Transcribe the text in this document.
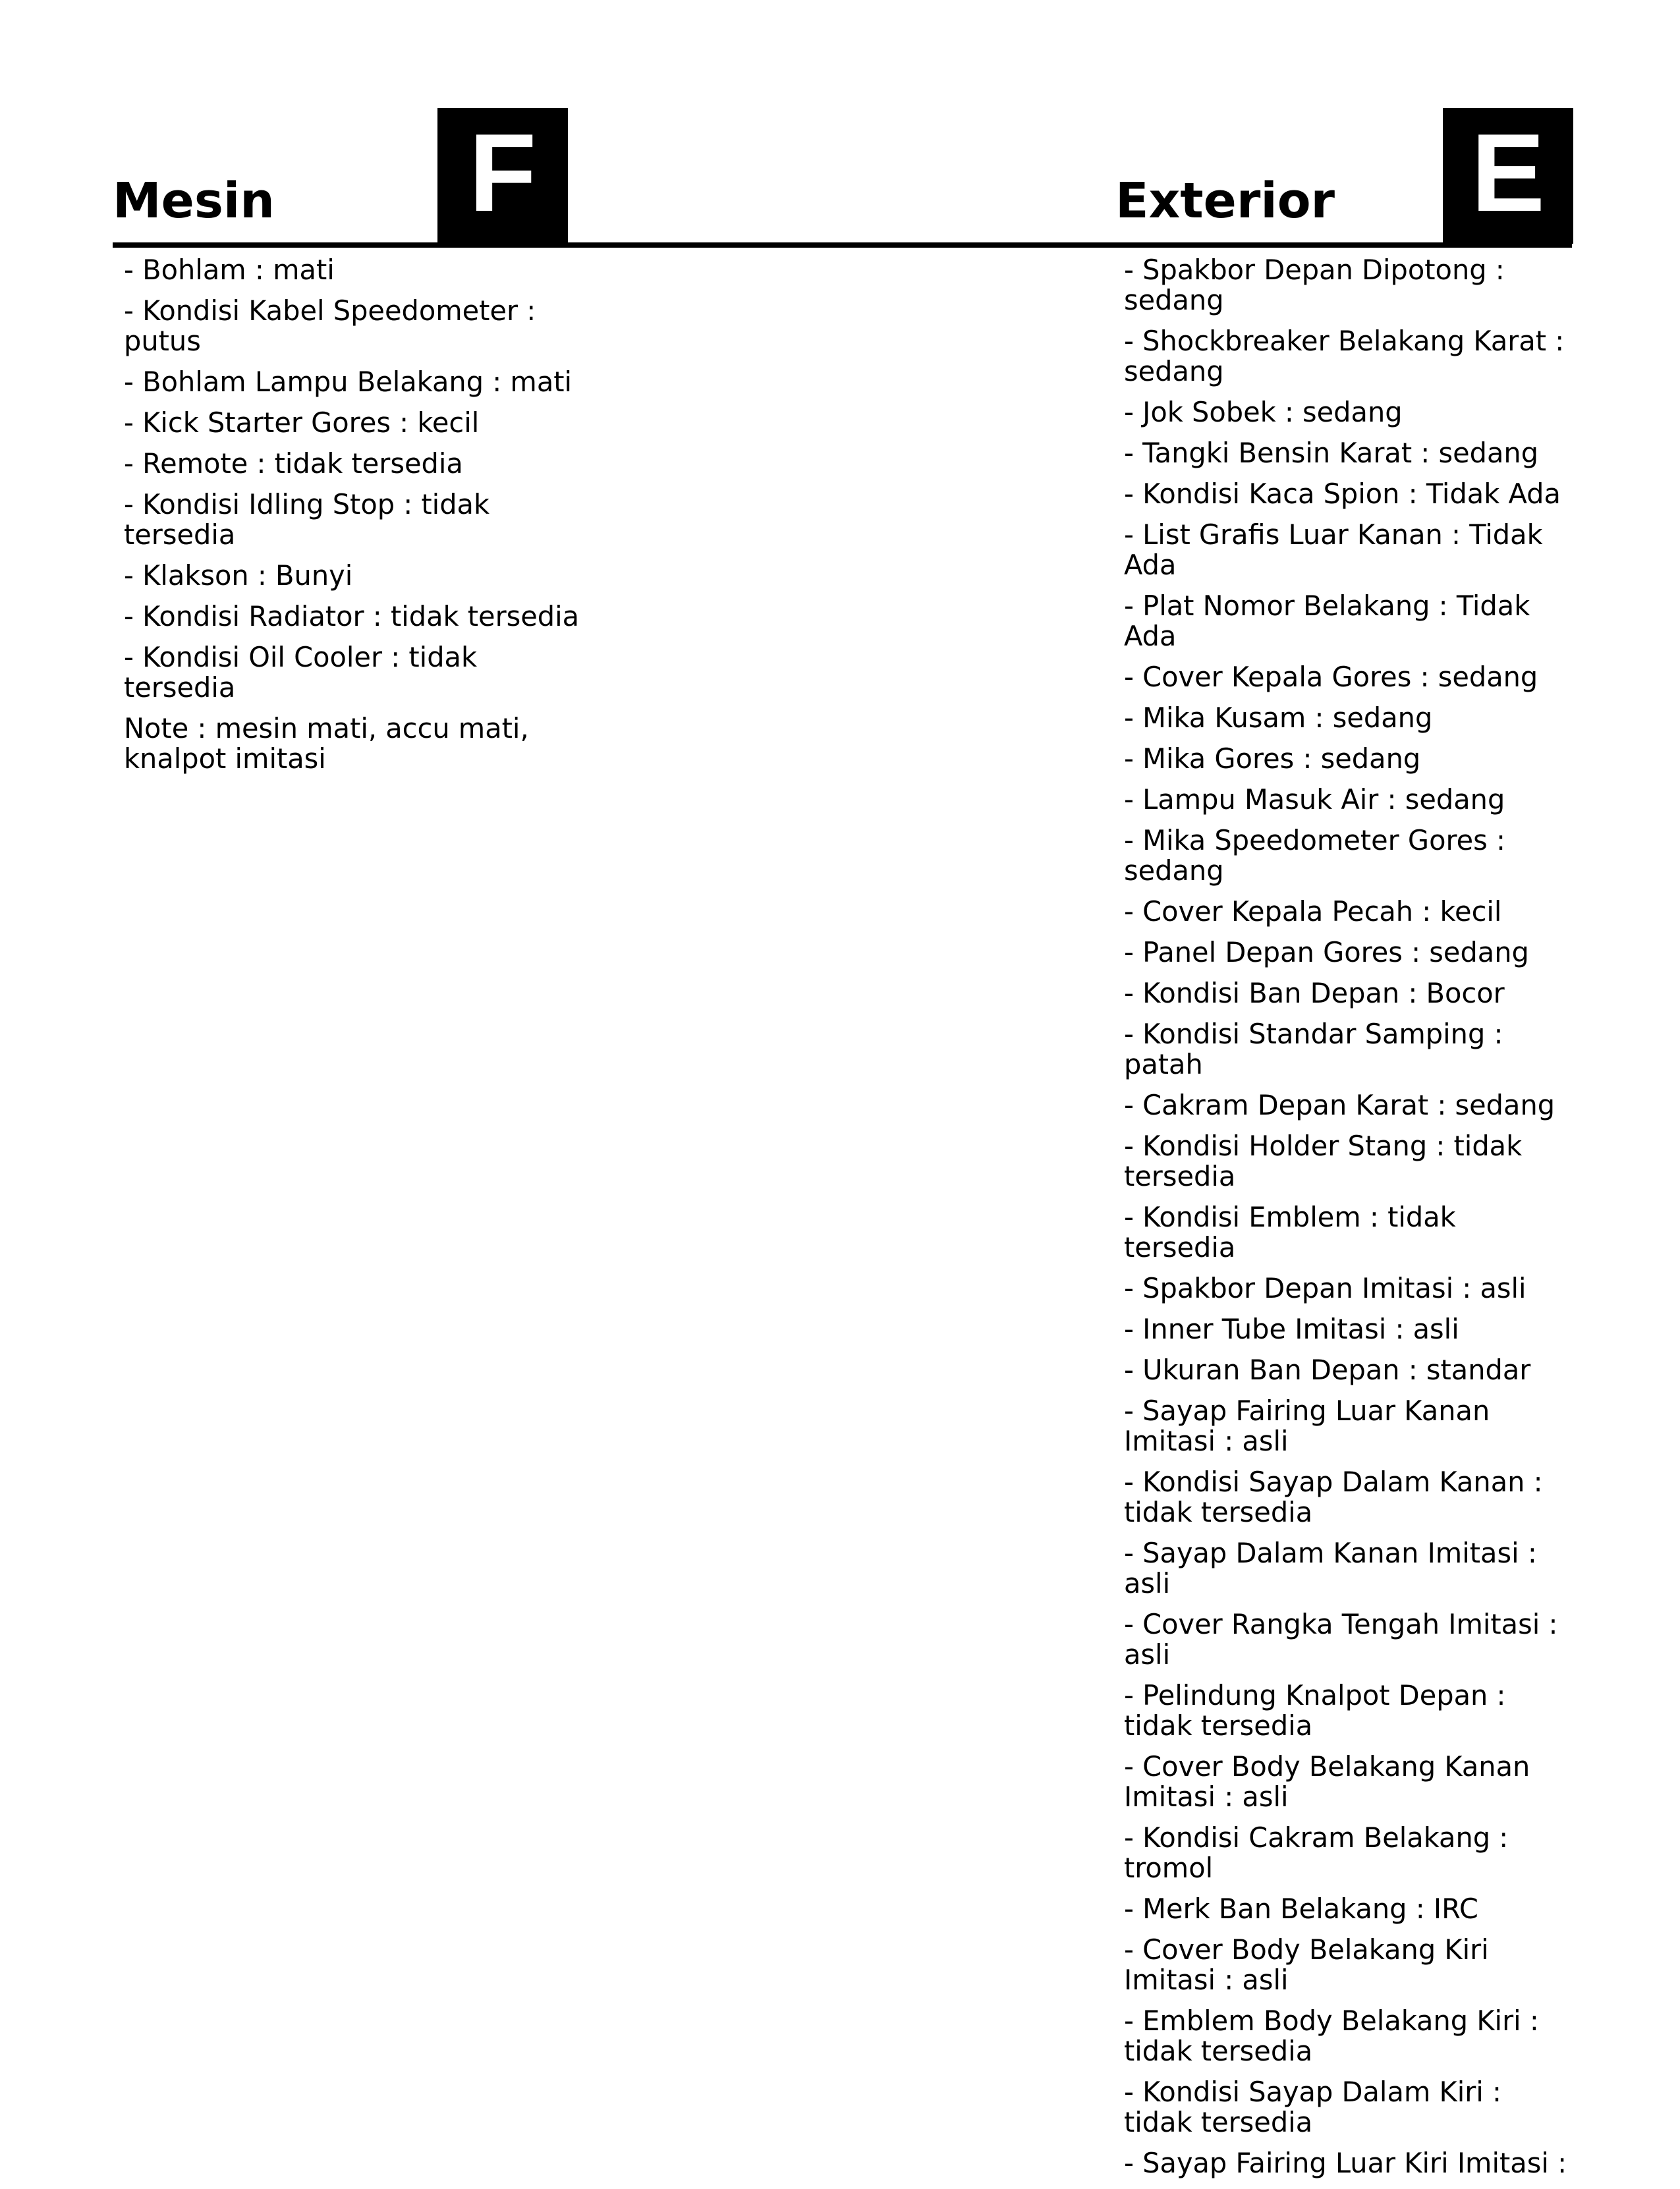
Mesin F	Exterior E
- Bohlam : mati
- Kondisi Kabel Speedometer : putus
- Bohlam Lampu Belakang : mati
- Kick Starter Gores : kecil
- Remote : tidak tersedia
- Kondisi Idling Stop : tidak tersedia
- Klakson : Bunyi
- Kondisi Radiator : tidak tersedia
- Kondisi Oil Cooler : tidak tersedia
Note : mesin mati, accu mati, knalpot imitasi
- Spakbor Depan Dipotong : sedang
- Shockbreaker Belakang Karat : sedang
- Jok Sobek : sedang
- Tangki Bensin Karat : sedang
- Kondisi Kaca Spion : Tidak Ada
- List Grafis Luar Kanan : Tidak Ada
- Plat Nomor Belakang : Tidak Ada
- Cover Kepala Gores : sedang
- Mika Kusam : sedang
- Mika Gores : sedang
- Lampu Masuk Air : sedang
- Mika Speedometer Gores : sedang
- Cover Kepala Pecah : kecil
- Panel Depan Gores : sedang
- Kondisi Ban Depan : Bocor
- Kondisi Standar Samping : patah
- Cakram Depan Karat : sedang
- Kondisi Holder Stang : tidak tersedia
- Kondisi Emblem : tidak tersedia
- Spakbor Depan Imitasi : asli
- Inner Tube Imitasi : asli
- Ukuran Ban Depan : standar
- Sayap Fairing Luar Kanan Imitasi : asli
- Kondisi Sayap Dalam Kanan : tidak tersedia
- Sayap Dalam Kanan Imitasi : asli
- Cover Rangka Tengah Imitasi : asli
- Pelindung Knalpot Depan : tidak tersedia
- Cover Body Belakang Kanan Imitasi : asli
- Kondisi Cakram Belakang : tromol
- Merk Ban Belakang : IRC
- Cover Body Belakang Kiri Imitasi : asli
- Emblem Body Belakang Kiri : tidak tersedia
- Kondisi Sayap Dalam Kiri : tidak tersedia
- Sayap Fairing Luar Kiri Imitasi :
